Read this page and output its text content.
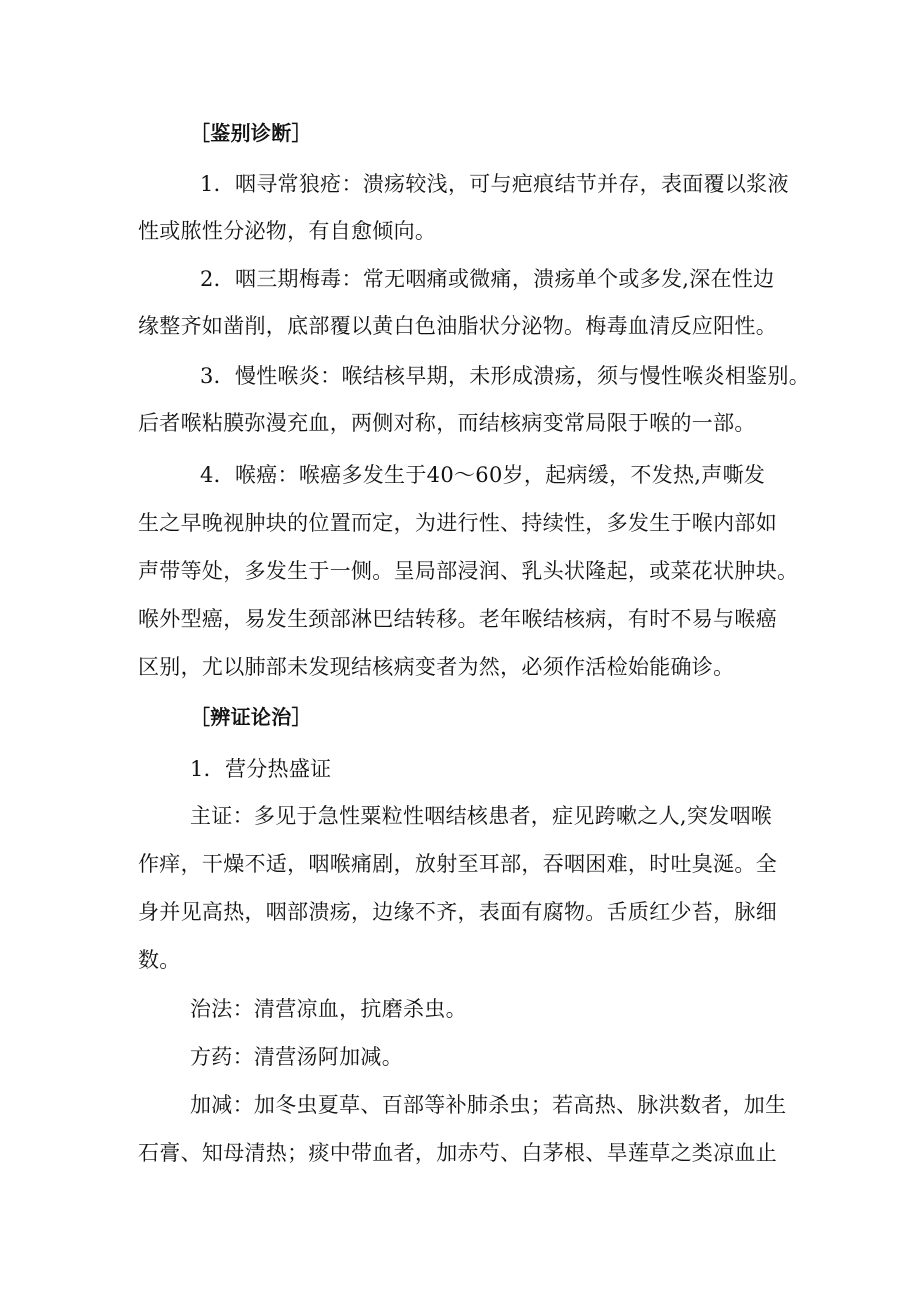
［鉴别诊断］
1．咽寻常狼疮：溃疡较浅，可与疤痕结节并存，表面覆以浆液
性或脓性分泌物，有自愈倾向。
2．咽三期梅毒：常无咽痛或微痛，溃疡单个或多发,深在性边
缘整齐如凿削，底部覆以黄白色油脂状分泌物。梅毒血清反应阳性。
3．慢性喉炎：喉结核早期，未形成溃疡，须与慢性喉炎相鉴别。
后者喉粘膜弥漫充血，两侧对称，而结核病变常局限于喉的一部。
4．喉癌：喉癌多发生于40～60岁，起病缓，不发热,声嘶发
生之早晚视肿块的位置而定，为进行性、持续性，多发生于喉内部如
声带等处，多发生于一侧。呈局部浸润、乳头状隆起，或菜花状肿块。
喉外型癌，易发生颈部淋巴结转移。老年喉结核病，有时不易与喉癌
区别，尤以肺部未发现结核病变者为然，必须作活检始能确诊。
［辨证论治］
1．营分热盛证
主证：多见于急性粟粒性咽结核患者，症见跨嗽之人,突发咽喉
作痒，干燥不适，咽喉痛剧，放射至耳部，吞咽困难，时吐臭涎。全
身并见高热，咽部溃疡，边缘不齐，表面有腐物。舌质红少苔，脉细
数。
治法：清营凉血，抗磨杀虫。
方药：清营汤阿加减。
加减：加冬虫夏草、百部等补肺杀虫；若高热、脉洪数者，加生
石膏、知母清热；痰中带血者，加赤芍、白茅根、旱莲草之类凉血止
